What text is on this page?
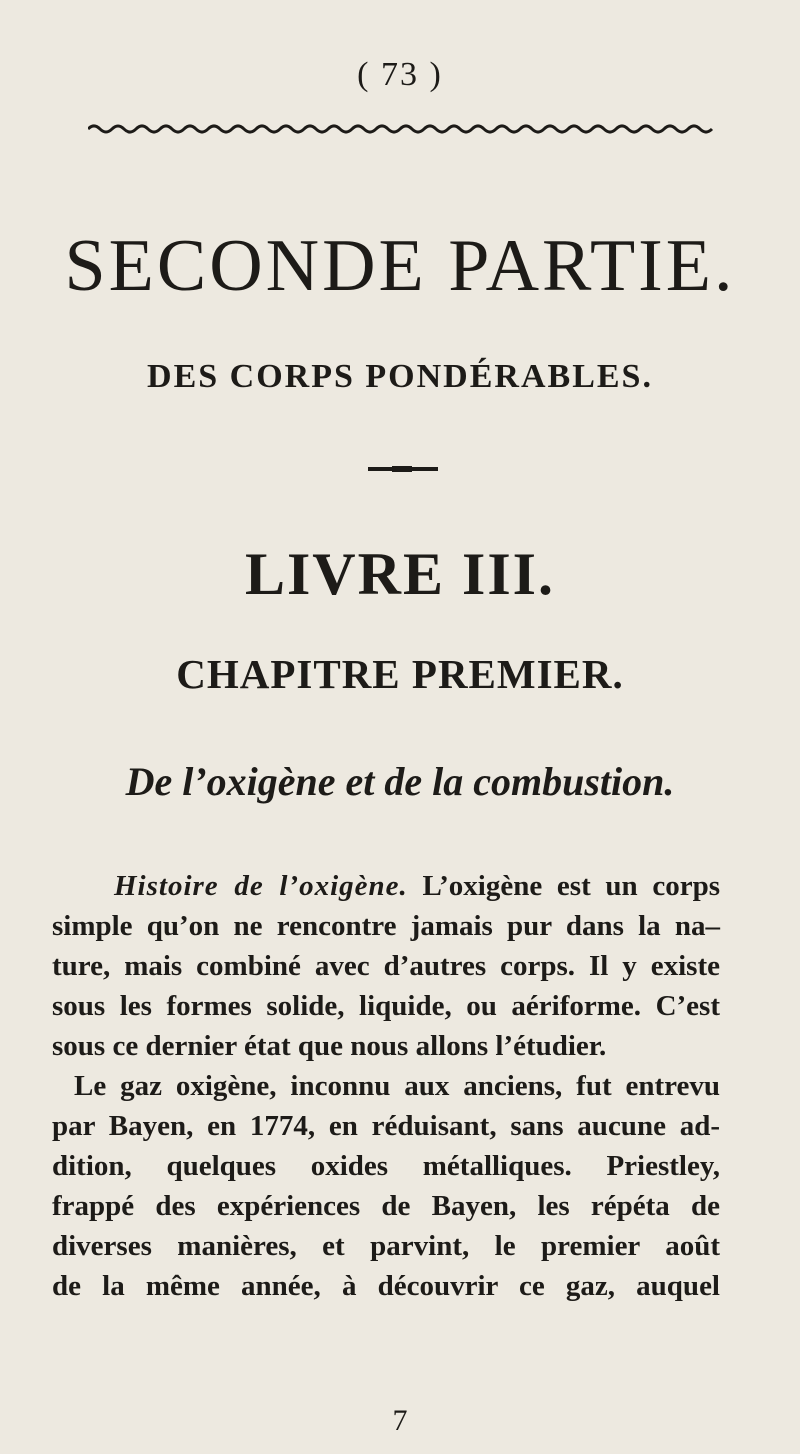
( 73 )
SECONDE PARTIE.
DES CORPS PONDÉRABLES.
LIVRE III.
CHAPITRE PREMIER.
De l’oxigène et de la combustion.
Histoire de l’oxigène. L’oxigène est un corps
simple qu’on ne rencontre jamais pur dans la na–
ture, mais combiné avec d’autres corps. Il y existe
sous les formes solide, liquide, ou aériforme. C’est
sous ce dernier état que nous allons l’étudier.
Le gaz oxigène, inconnu aux anciens, fut entrevu
par Bayen, en 1774, en réduisant, sans aucune ad-
dition, quelques oxides métalliques. Priestley,
frappé des expériences de Bayen, les répéta de
diverses manières, et parvint, le premier août
de la même année, à découvrir ce gaz, auquel
7
